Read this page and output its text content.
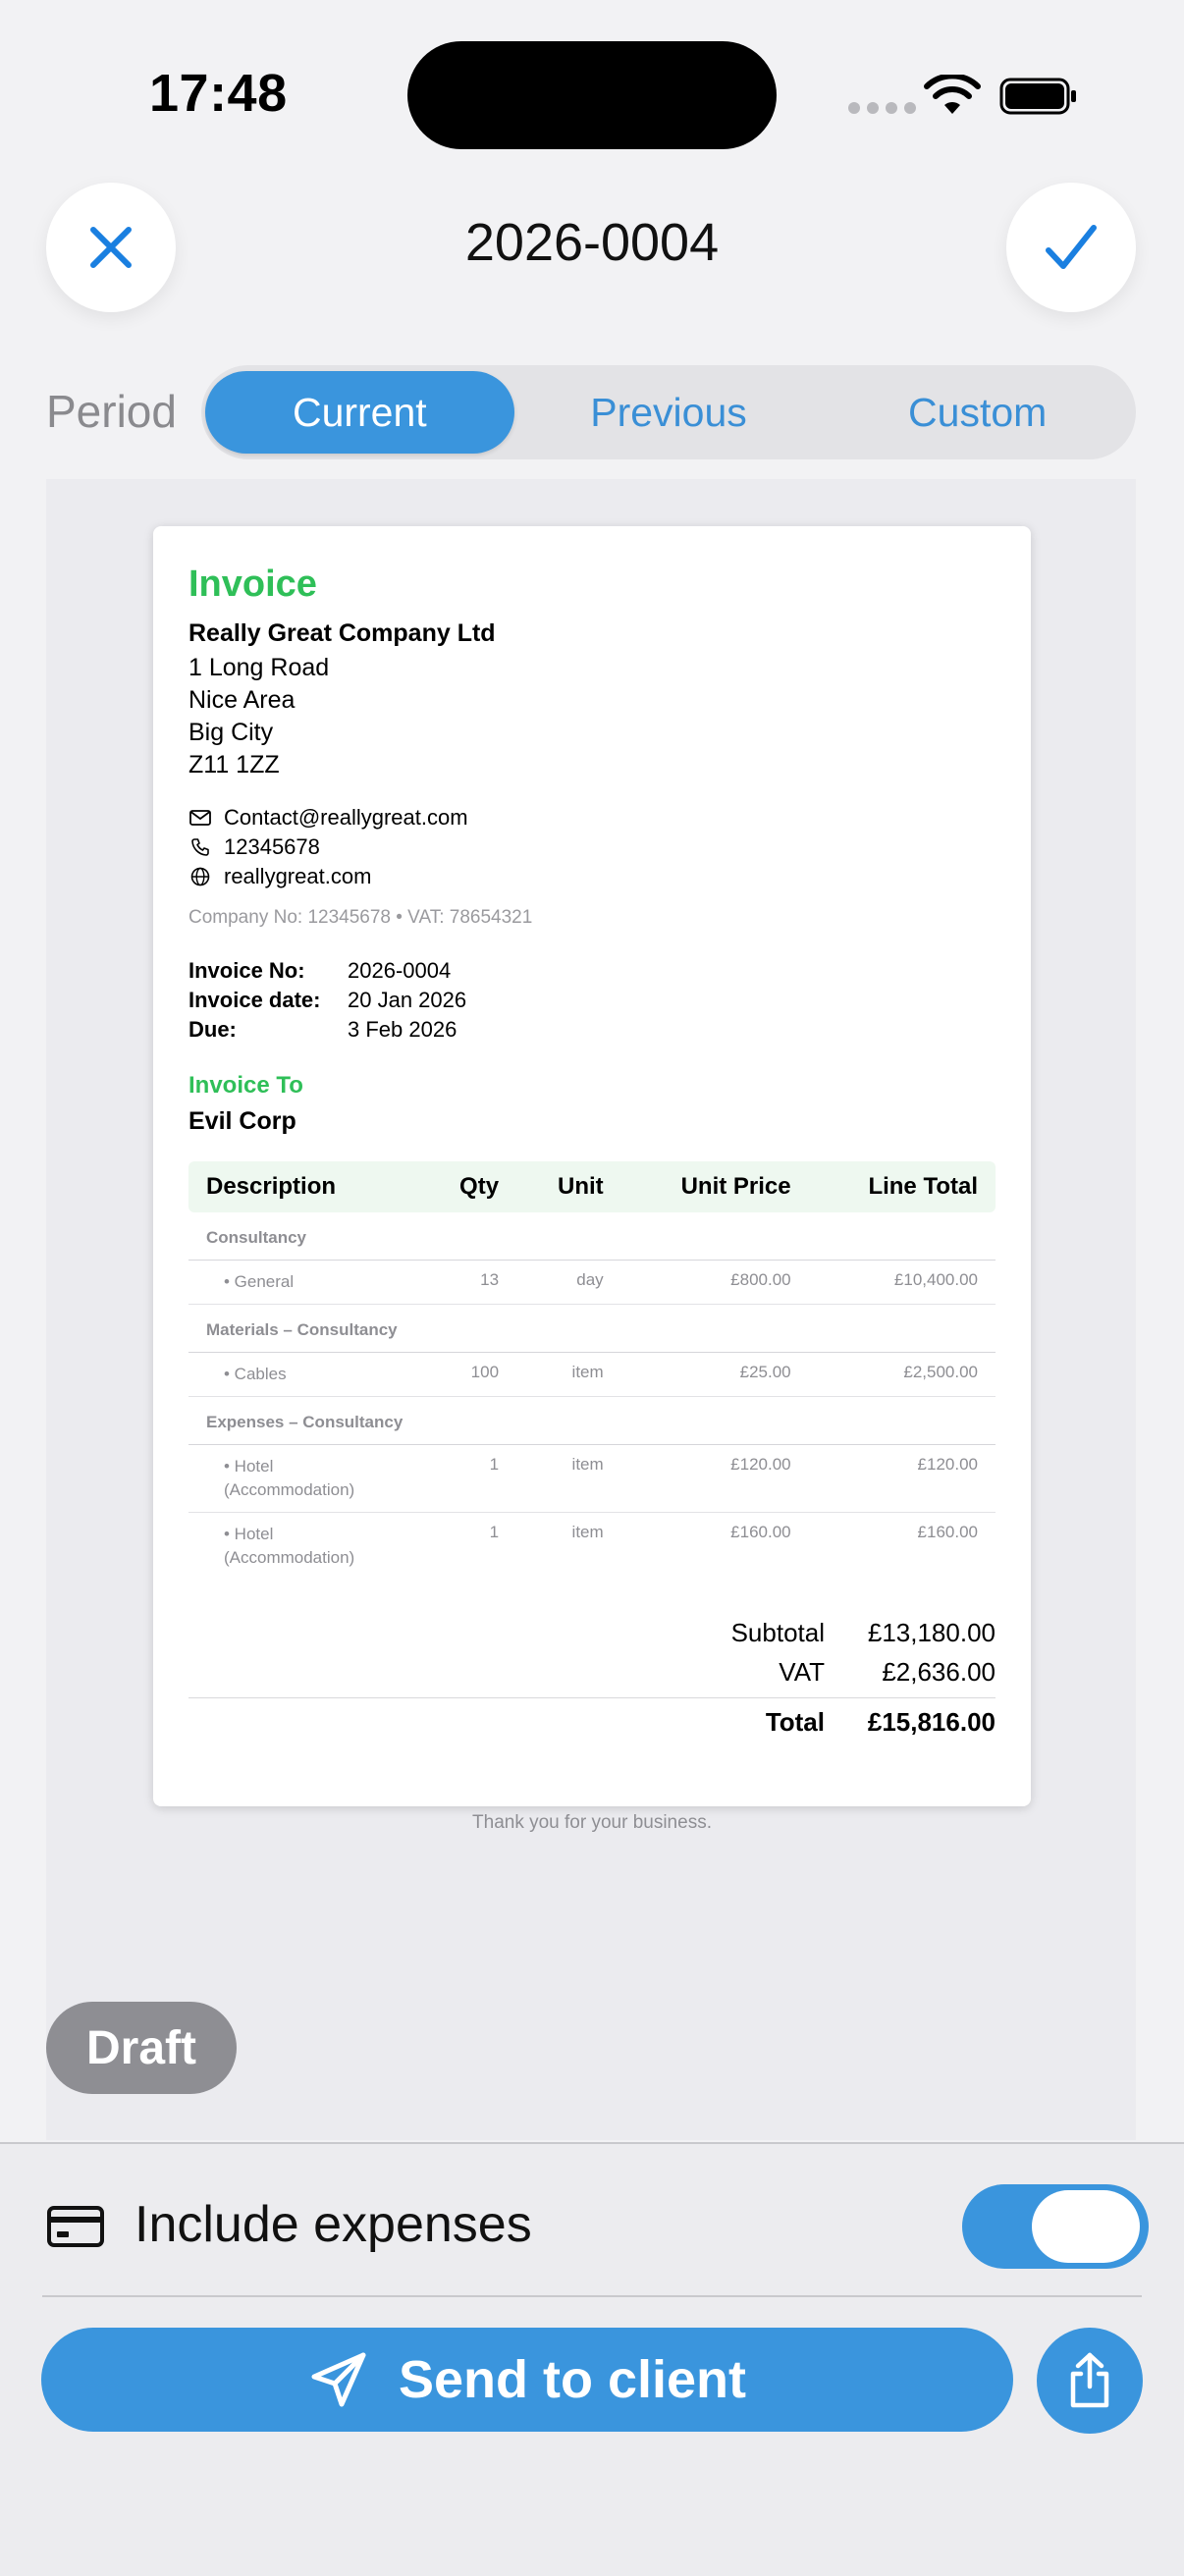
17:48
2026-0004
Period	Current	Previous	Custom
Invoice
Really Great Company Ltd
1 Long Road
Nice Area
Big City
Z11 1ZZ
Contact@reallygreat.com
12345678
reallygreat.com
Company No: 12345678 • VAT: 78654321
Invoice No:	2026-0004
Invoice date:	20 Jan 2026
Due:	3 Feb 2026
Invoice To
Evil Corp
Description	Qty	Unit	Unit Price	Line Total
Consultancy				

• General	13	day	£800.00	£10,400.00
Materials – Consultancy				

• Cables	100	item	£25.00	£2,500.00
Expenses – Consultancy				

• Hotel
(Accommodation)	1	item	£120.00	£120.00

• Hotel
(Accommodation)	1	item	£160.00	£160.00
Subtotal	£13,180.00
VAT	£2,636.00
Total	£15,816.00
Thank you for your business.
Draft
Include expenses
Send to client
